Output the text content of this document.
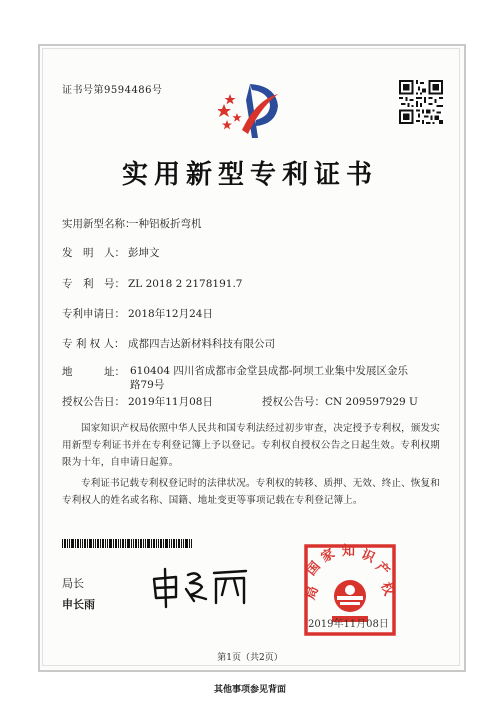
证书号第9594486号
实用新型专利证书
实用新型名称：一种铝板折弯机
发　明　人： 彭坤文
专　利　号： ZL 2018 2 2178191.7
专利申请日： 2018年12月24日
专 利 权 人： 成都四吉达新材料科技有限公司
地　　　址： 610404 四川省成都市金堂县成都-阿坝工业集中发展区金乐路79号
授权公告日： 2019年11月08日	授权公告号：CN 209597929 U
国家知识产权局依照中华人民共和国专利法经过初步审查，决定授予专利权，颁发实用新型专利证书并在专利登记簿上予以登记。专利权自授权公告之日起生效。专利权期限为十年，自申请日起算。
专利证书记载专利权登记时的法律状况。专利权的转移、质押、无效、终止、恢复和专利权人的姓名或名称、国籍、地址变更等事项记载在专利登记簿上。
局长
申长雨
国
家 知 识
产
权
局
2019年11月08日
第1页（共2页）
其他事项参见背面
